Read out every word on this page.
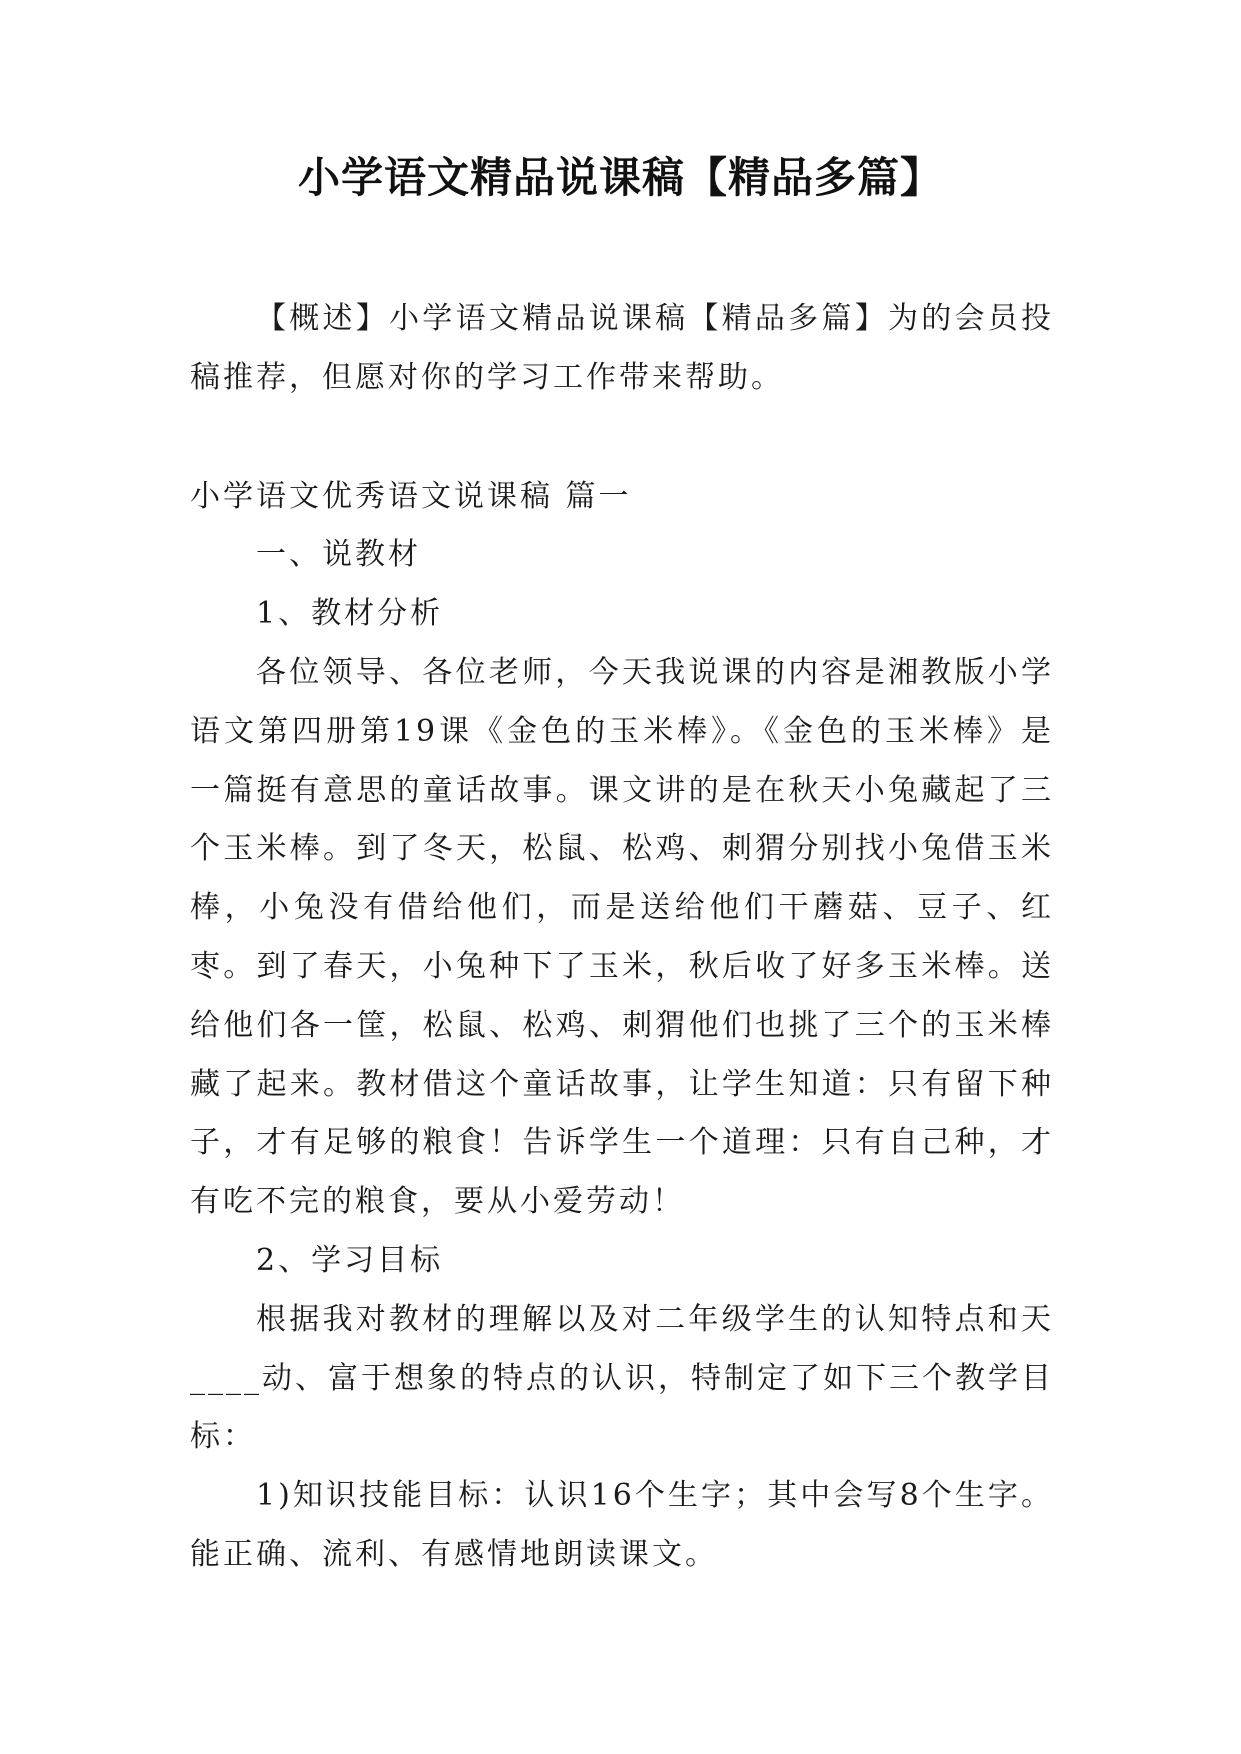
小学语文精品说课稿【精品多篇】

【概述】小学语文精品说课稿【精品多篇】为的会员投稿推荐，但愿对你的学习工作带来帮助。

小学语文优秀语文说课稿 篇一

一、说教材

1、教材分析

各位领导、各位老师，今天我说课的内容是湘教版小学语文第四册第19课《金色的玉米棒》。《金色的玉米棒》是一篇挺有意思的童话故事。课文讲的是在秋天小兔藏起了三个玉米棒。到了冬天，松鼠、松鸡、刺猬分别找小兔借玉米棒，小兔没有借给他们，而是送给他们干蘑菇、豆子、红枣。到了春天，小兔种下了玉米，秋后收了好多玉米棒。送给他们各一筐，松鼠、松鸡、刺猬他们也挑了三个的玉米棒藏了起来。教材借这个童话故事，让学生知道：只有留下种子，才有足够的粮食！告诉学生一个道理：只有自己种，才有吃不完的粮食，要从小爱劳动！

2、学习目标

根据我对教材的理解以及对二年级学生的认知特点和天____动、富于想象的特点的认识，特制定了如下三个教学目标：

1)知识技能目标：认识16个生字；其中会写8个生字。能正确、流利、有感情地朗读课文。
